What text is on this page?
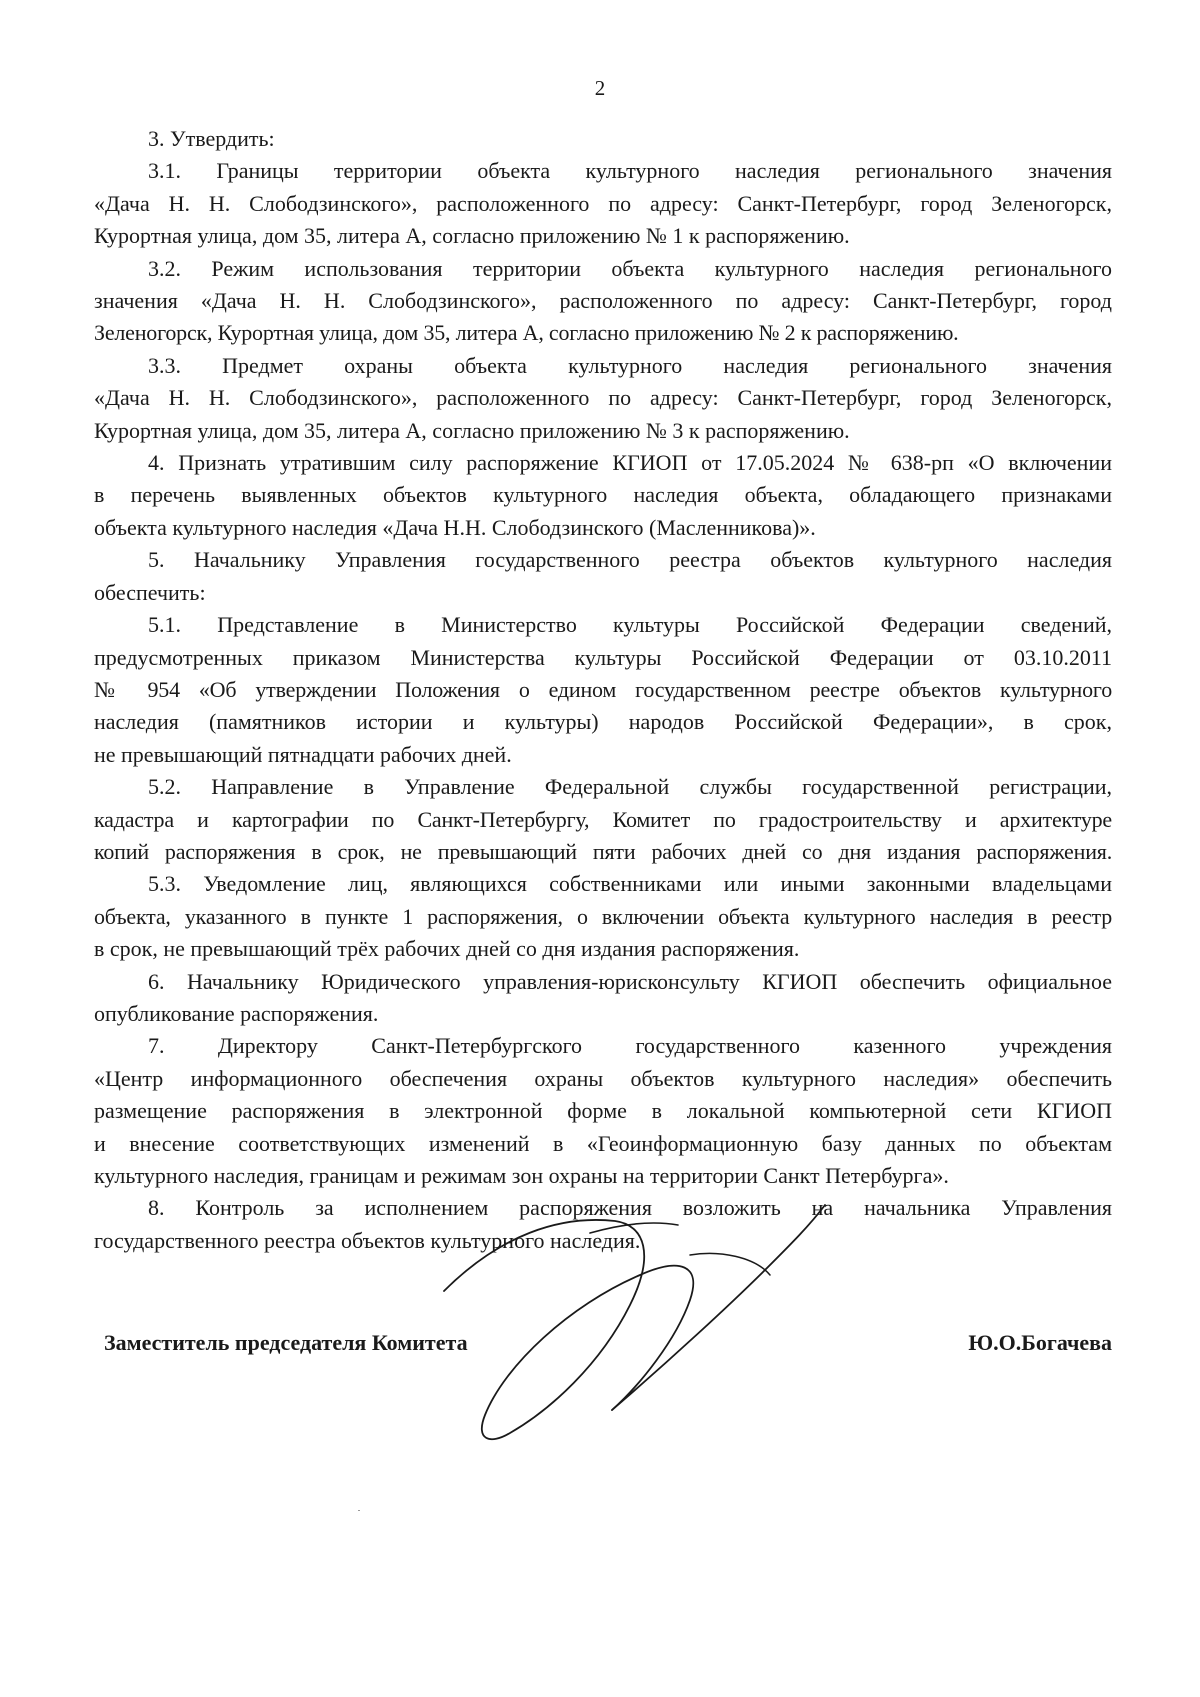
2
3. Утвердить:
3.1. Границы территории объекта культурного наследия регионального значения
«Дача Н. Н. Слободзинского», расположенного по адресу: Санкт-Петербург, город Зеленогорск,
Курортная улица, дом 35, литера А, согласно приложению № 1 к распоряжению.
3.2. Режим использования территории объекта культурного наследия регионального
значения «Дача Н. Н. Слободзинского», расположенного по адресу: Санкт-Петербург, город
Зеленогорск, Курортная улица, дом 35, литера А, согласно приложению № 2 к распоряжению.
3.3. Предмет охраны объекта культурного наследия регионального значения
«Дача Н. Н. Слободзинского», расположенного по адресу: Санкт-Петербург, город Зеленогорск,
Курортная улица, дом 35, литера А, согласно приложению № 3 к распоряжению.
4. Признать утратившим силу распоряжение КГИОП от 17.05.2024 № 638-рп «О включении
в перечень выявленных объектов культурного наследия объекта, обладающего признаками
объекта культурного наследия «Дача Н.Н. Слободзинского (Масленникова)».
5. Начальнику Управления государственного реестра объектов культурного наследия
обеспечить:
5.1. Представление в Министерство культуры Российской Федерации сведений,
предусмотренных приказом Министерства культуры Российской Федерации от 03.10.2011
№ 954 «Об утверждении Положения о едином государственном реестре объектов культурного
наследия (памятников истории и культуры) народов Российской Федерации», в срок,
не превышающий пятнадцати рабочих дней.
5.2. Направление в Управление Федеральной службы государственной регистрации,
кадастра и картографии по Санкт-Петербургу, Комитет по градостроительству и архитектуре
копий распоряжения в срок, не превышающий пяти рабочих дней со дня издания распоряжения.
5.3. Уведомление лиц, являющихся собственниками или иными законными владельцами
объекта, указанного в пункте 1 распоряжения, о включении объекта культурного наследия в реестр
в срок, не превышающий трёх рабочих дней со дня издания распоряжения.
6. Начальнику Юридического управления-юрисконсульту КГИОП обеспечить официальное
опубликование распоряжения.
7. Директору Санкт-Петербургского государственного казенного учреждения
«Центр информационного обеспечения охраны объектов культурного наследия» обеспечить
размещение распоряжения в электронной форме в локальной компьютерной сети КГИОП
и внесение соответствующих изменений в «Геоинформационную базу данных по объектам
культурного наследия, границам и режимам зон охраны на территории Санкт Петербурга».
8. Контроль за исполнением распоряжения возложить на начальника Управления
государственного реестра объектов культурного наследия.
Заместитель председателя Комитета	Ю.О.Богачева
